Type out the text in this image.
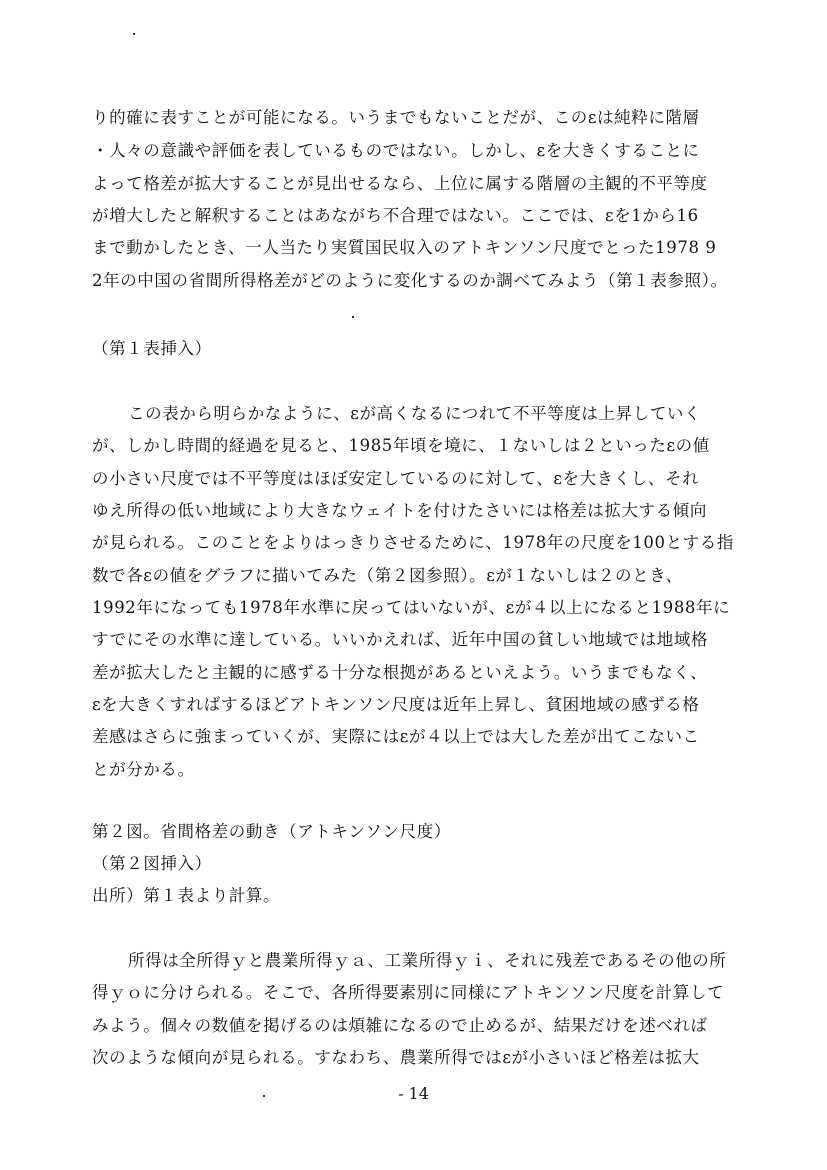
り的確に表すことが可能になる。いうまでもないことだが、このεは純粋に階層
・人々の意識や評価を表しているものではない。しかし、εを大きくすることに
よって格差が拡大することが見出せるなら、上位に属する階層の主観的不平等度
が増大したと解釈することはあながち不合理ではない。ここでは、εを1から16
まで動かしたとき、一人当たり実質国民収入のアトキンソン尺度でとった1978 9
2年の中国の省間所得格差がどのように変化するのか調べてみよう（第１表参照）。
（第１表挿入）
この表から明らかなように、εが高くなるにつれて不平等度は上昇していく
が、しかし時間的経過を見ると、1985年頃を境に、１ないしは２といったεの値
の小さい尺度では不平等度はほぼ安定しているのに対して、εを大きくし、それ
ゆえ所得の低い地域により大きなウェイトを付けたさいには格差は拡大する傾向
が見られる。このことをよりはっきりさせるために、1978年の尺度を100とする指
数で各εの値をグラフに描いてみた（第２図参照）。εが１ないしは２のとき、
1992年になっても1978年水準に戻ってはいないが、εが４以上になると1988年に
すでにその水準に達している。いいかえれば、近年中国の貧しい地域では地域格
差が拡大したと主観的に感ずる十分な根拠があるといえよう。いうまでもなく、
εを大きくすればするほどアトキンソン尺度は近年上昇し、貧困地域の感ずる格
差感はさらに強まっていくが、実際にはεが４以上では大した差が出てこないこ
とが分かる。
第２図。省間格差の動き（アトキンソン尺度）
（第２図挿入）
出所）第１表より計算。
所得は全所得ｙと農業所得ｙａ、工業所得ｙｉ、それに残差であるその他の所
得ｙｏに分けられる。そこで、各所得要素別に同様にアトキンソン尺度を計算して
みよう。個々の数値を掲げるのは煩雑になるので止めるが、結果だけを述べれば
次のような傾向が見られる。すなわち、農業所得ではεが小さいほど格差は拡大
- 14
